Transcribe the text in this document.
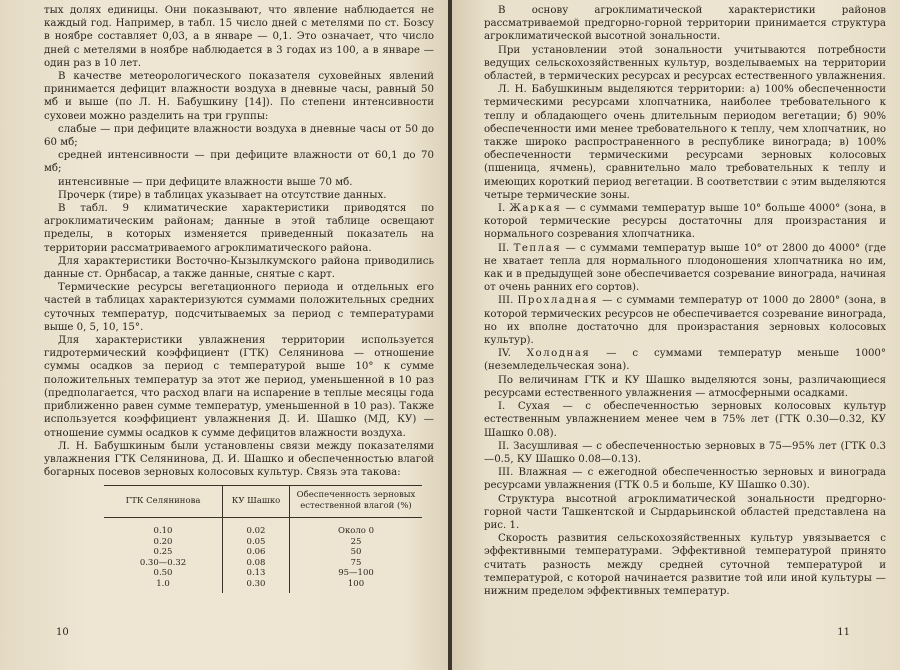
тых долях единицы. Они показывают, что явление наблюдается не каждый год. Например, в табл. 15 число дней с метелями по ст. Бозсу в ноябре составляет 0,03, а в январе — 0,1. Это означает, что число дней с метелями в ноябре наблюдается в 3 годах из 100, а в январе — один раз в 10 лет.

В качестве метеорологического показателя суховейных явлений принимается дефицит влажности воздуха в дневные часы, равный 50 мб и выше (по Л. Н. Бабушкину [14]). По степени интенсивности суховеи можно разделить на три группы:

слабые — при дефиците влажности воздуха в дневные часы от 50 до 60 мб;

средней интенсивности — при дефиците влажности от 60,1 до 70 мб;

интенсивные — при дефиците влажности выше 70 мб.

Прочерк (тире) в таблицах указывает на отсутствие данных.

В табл. 9 климатические характеристики приводятся по агроклиматическим районам; данные в этой таблице освещают пределы, в которых изменяется приведенный показатель на территории рассматриваемого агроклиматического района.

Для характеристики Восточно-Кызылкумского района приводились данные ст. Орнбасар, а также данные, снятые с карт.

Термические ресурсы вегетационного периода и отдельных его частей в таблицах характеризуются суммами положительных средних суточных температур, подсчитываемых за период с температурами выше 0, 5, 10, 15°.

Для характеристики увлажнения территории используется гидротермический коэффициент (ГТК) Селянинова — отношение суммы осадков за период с температурой выше 10° к сумме положительных температур за этот же период, уменьшенной в 10 раз (предполагается, что расход влаги на испарение в теплые месяцы года приближенно равен сумме температур, уменьшенной в 10 раз). Также используется коэффициент увлажнения Д. И. Шашко (МД, КУ) — отношение суммы осадков к сумме дефицитов влажности воздуха.

Л. Н. Бабушкиным были установлены связи между показателями увлажнения ГТК Селянинова, Д. И. Шашко и обеспеченностью влагой богарных посевов зерновых колосовых культур. Связь эта такова:

ГТК Селянинова	КУ Шашко	Обеспеченность зерновых естественной влагой (%)
0.10	0.02	Около 0
0.20	0.05	25
0.25	0.06	50
0.30—0.32	0.08	75
0.50	0.13	95—100
1.0	0.30	100
10

В основу агроклиматической характеристики районов рассматриваемой предгорно-горной территории принимается структура агроклиматической высотной зональности.

При установлении этой зональности учитываются потребности ведущих сельскохозяйственных культур, возделываемых на территории областей, в термических ресурсах и ресурсах естественного увлажнения.

Л. Н. Бабушкиным выделяются территории: а) 100% обеспеченности термическими ресурсами хлопчатника, наиболее требовательного к теплу и обладающего очень длительным периодом вегетации; б) 90% обеспеченности ими менее требовательного к теплу, чем хлопчатник, но также широко распространенного в республике винограда; в) 100% обеспеченности термическими ресурсами зерновых колосовых (пшеница, ячмень), сравнительно мало требовательных к теплу и имеющих короткий период вегетации. В соответствии с этим выделяются четыре термические зоны.

I. Жаркая — с суммами температур выше 10° больше 4000° (зона, в которой термические ресурсы достаточны для произрастания и нормального созревания хлопчатника.

II. Теплая — с суммами температур выше 10° от 2800 до 4000° (где не хватает тепла для нормального плодоношения хлопчатника но им, как и в предыдущей зоне обеспечивается созревание винограда, начиная от очень ранних его сортов).

III. Прохладная — с суммами температур от 1000 до 2800° (зона, в которой термических ресурсов не обеспечивается созревание винограда, но их вполне достаточно для произрастания зерновых колосовых культур).

IV. Холодная — с суммами температур меньше 1000° (неземледельческая зона).

По величинам ГТК и КУ Шашко выделяются зоны, различающиеся ресурсами естественного увлажнения — атмосферными осадками.

I. Сухая — с обеспеченностью зерновых колосовых культур естественным увлажнением менее чем в 75% лет (ГТК 0.30—0.32, КУ Шашко 0.08).

II. Засушливая — с обеспеченностью зерновых в 75—95% лет (ГТК 0.3—0.5, КУ Шашко 0.08—0.13).

III. Влажная — с ежегодной обеспеченностью зерновых и винограда ресурсами увлажнения (ГТК 0.5 и больше, КУ Шашко 0.30).

Структура высотной агроклиматической зональности предгорно-горной части Ташкентской и Сырдарьинской областей представлена на рис. 1.

Скорость развития сельскохозяйственных культур увязывается с эффективными температурами. Эффективной температурой принято считать разность между средней суточной температурой и температурой, с которой начинается развитие той или иной культуры — нижним пределом эффективных температур.

11
